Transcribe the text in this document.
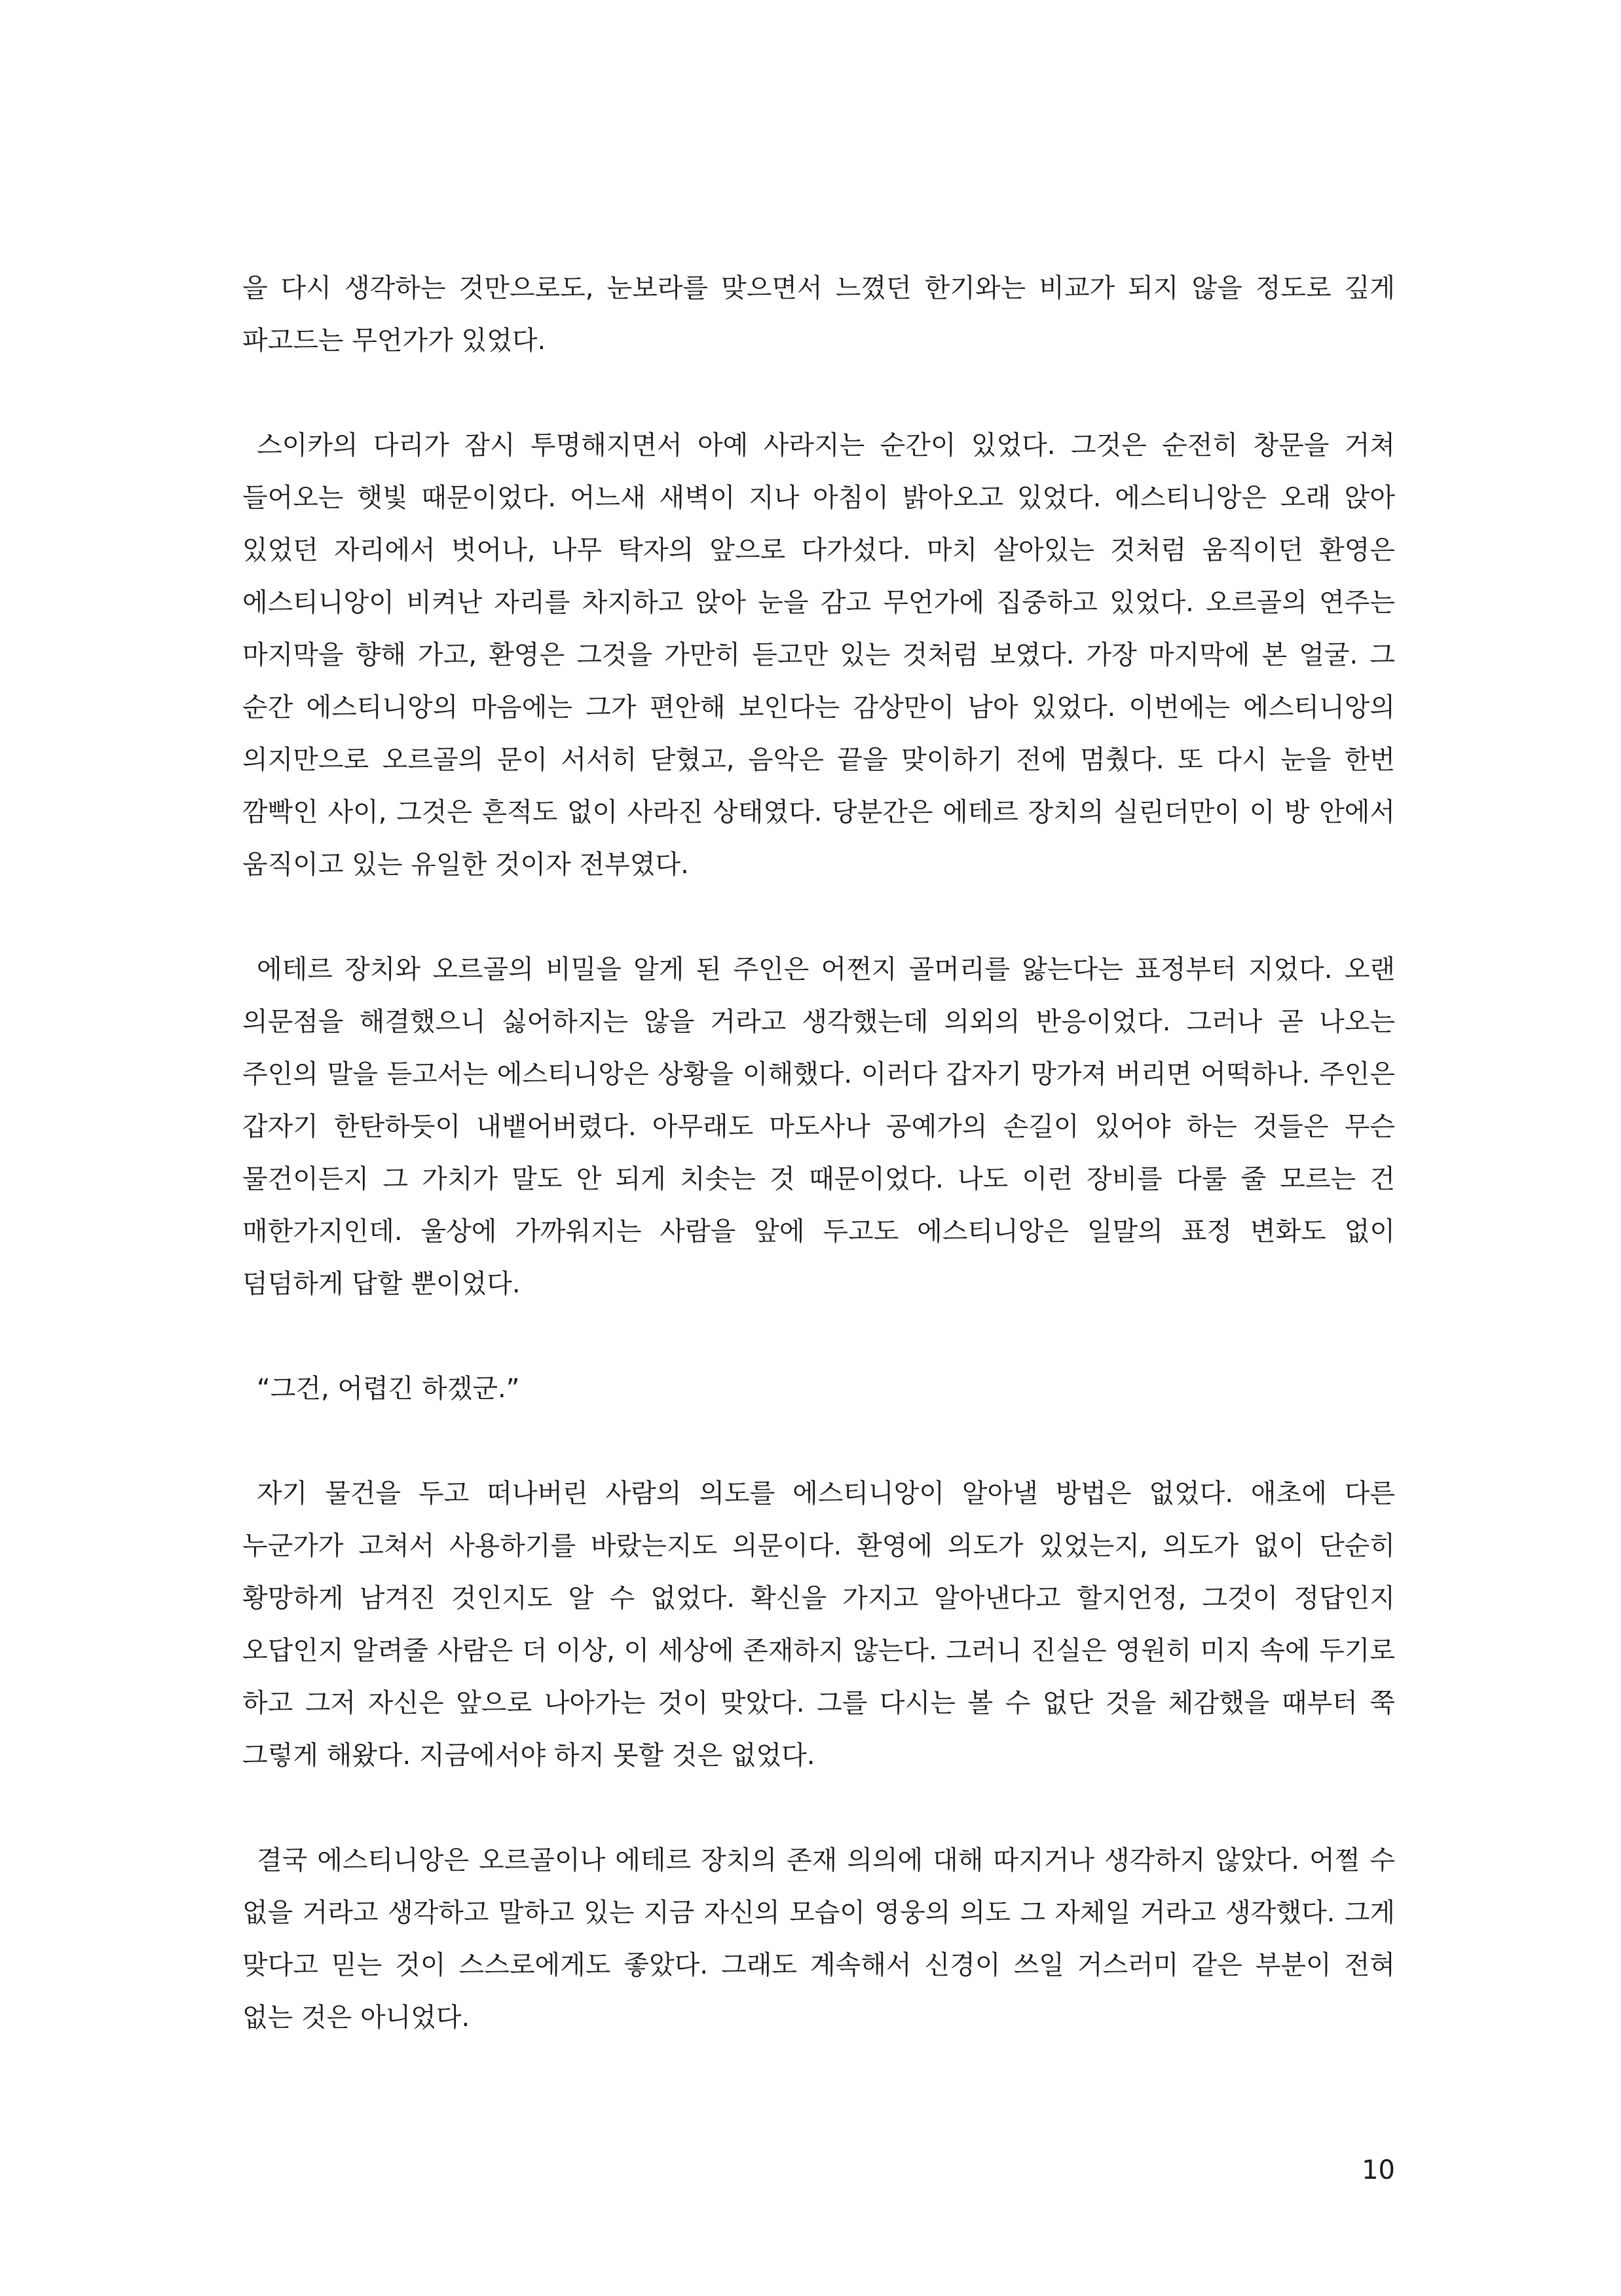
을 다시 생각하는 것만으로도, 눈보라를 맞으면서 느꼈던 한기와는 비교가 되지 않을 정도로 깊게 파고드는 무언가가 있었다.

스이카의 다리가 잠시 투명해지면서 아예 사라지는 순간이 있었다. 그것은 순전히 창문을 거쳐 들어오는 햇빛 때문이었다. 어느새 새벽이 지나 아침이 밝아오고 있었다. 에스티니앙은 오래 앉아 있었던 자리에서 벗어나, 나무 탁자의 앞으로 다가섰다. 마치 살아있는 것처럼 움직이던 환영은 에스티니앙이 비켜난 자리를 차지하고 앉아 눈을 감고 무언가에 집중하고 있었다. 오르골의 연주는 마지막을 향해 가고, 환영은 그것을 가만히 듣고만 있는 것처럼 보였다. 가장 마지막에 본 얼굴. 그 순간 에스티니앙의 마음에는 그가 편안해 보인다는 감상만이 남아 있었다. 이번에는 에스티니앙의 의지만으로 오르골의 문이 서서히 닫혔고, 음악은 끝을 맞이하기 전에 멈췄다. 또 다시 눈을 한번 깜빡인 사이, 그것은 흔적도 없이 사라진 상태였다. 당분간은 에테르 장치의 실린더만이 이 방 안에서 움직이고 있는 유일한 것이자 전부였다.

에테르 장치와 오르골의 비밀을 알게 된 주인은 어쩐지 골머리를 앓는다는 표정부터 지었다. 오랜 의문점을 해결했으니 싫어하지는 않을 거라고 생각했는데 의외의 반응이었다. 그러나 곧 나오는 주인의 말을 듣고서는 에스티니앙은 상황을 이해했다. 이러다 갑자기 망가져 버리면 어떡하나. 주인은 갑자기 한탄하듯이 내뱉어버렸다. 아무래도 마도사나 공예가의 손길이 있어야 하는 것들은 무슨 물건이든지 그 가치가 말도 안 되게 치솟는 것 때문이었다. 나도 이런 장비를 다룰 줄 모르는 건 매한가지인데. 울상에 가까워지는 사람을 앞에 두고도 에스티니앙은 일말의 표정 변화도 없이 덤덤하게 답할 뿐이었다.

“그건, 어렵긴 하겠군.”

자기 물건을 두고 떠나버린 사람의 의도를 에스티니앙이 알아낼 방법은 없었다. 애초에 다른 누군가가 고쳐서 사용하기를 바랐는지도 의문이다. 환영에 의도가 있었는지, 의도가 없이 단순히 황망하게 남겨진 것인지도 알 수 없었다. 확신을 가지고 알아낸다고 할지언정, 그것이 정답인지 오답인지 알려줄 사람은 더 이상, 이 세상에 존재하지 않는다. 그러니 진실은 영원히 미지 속에 두기로 하고 그저 자신은 앞으로 나아가는 것이 맞았다. 그를 다시는 볼 수 없단 것을 체감했을 때부터 쭉 그렇게 해왔다. 지금에서야 하지 못할 것은 없었다.

결국 에스티니앙은 오르골이나 에테르 장치의 존재 의의에 대해 따지거나 생각하지 않았다. 어쩔 수 없을 거라고 생각하고 말하고 있는 지금 자신의 모습이 영웅의 의도 그 자체일 거라고 생각했다. 그게 맞다고 믿는 것이 스스로에게도 좋았다. 그래도 계속해서 신경이 쓰일 거스러미 같은 부분이 전혀 없는 것은 아니었다.

10
